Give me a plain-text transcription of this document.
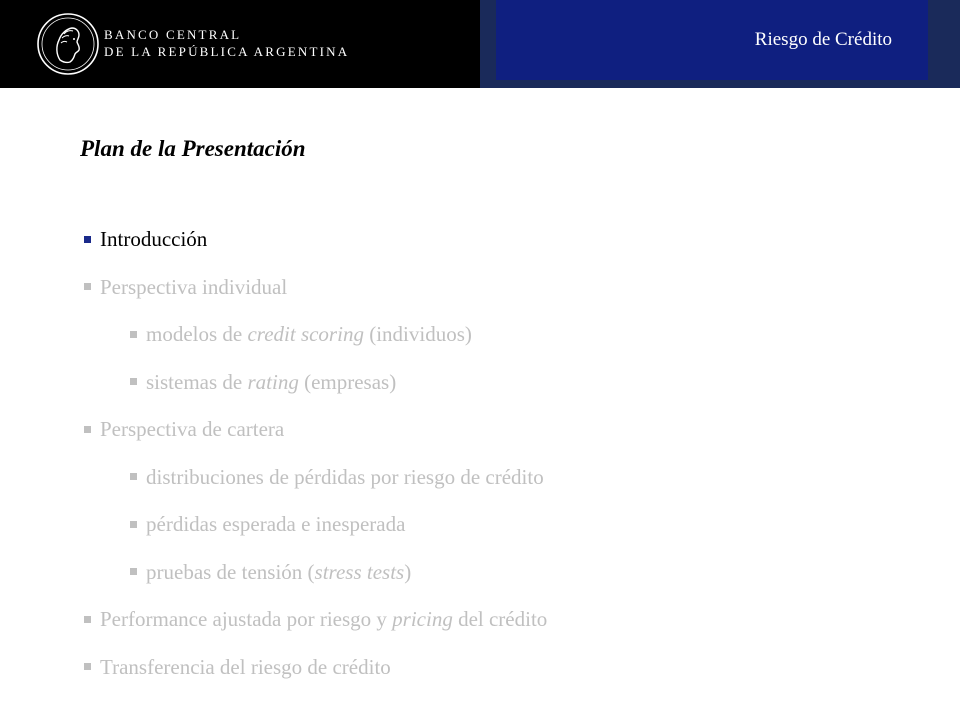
BANCO CENTRAL
DE LA REPÚBLICA ARGENTINA
Riesgo de Crédito
Plan de la Presentación
Introducción
Perspectiva individual
modelos de credit scoring (individuos)
sistemas de rating (empresas)
Perspectiva de cartera
distribuciones de pérdidas por riesgo de crédito
pérdidas esperada e inesperada
pruebas de tensión (stress tests)
Performance ajustada por riesgo y pricing del crédito
Transferencia del riesgo de crédito
